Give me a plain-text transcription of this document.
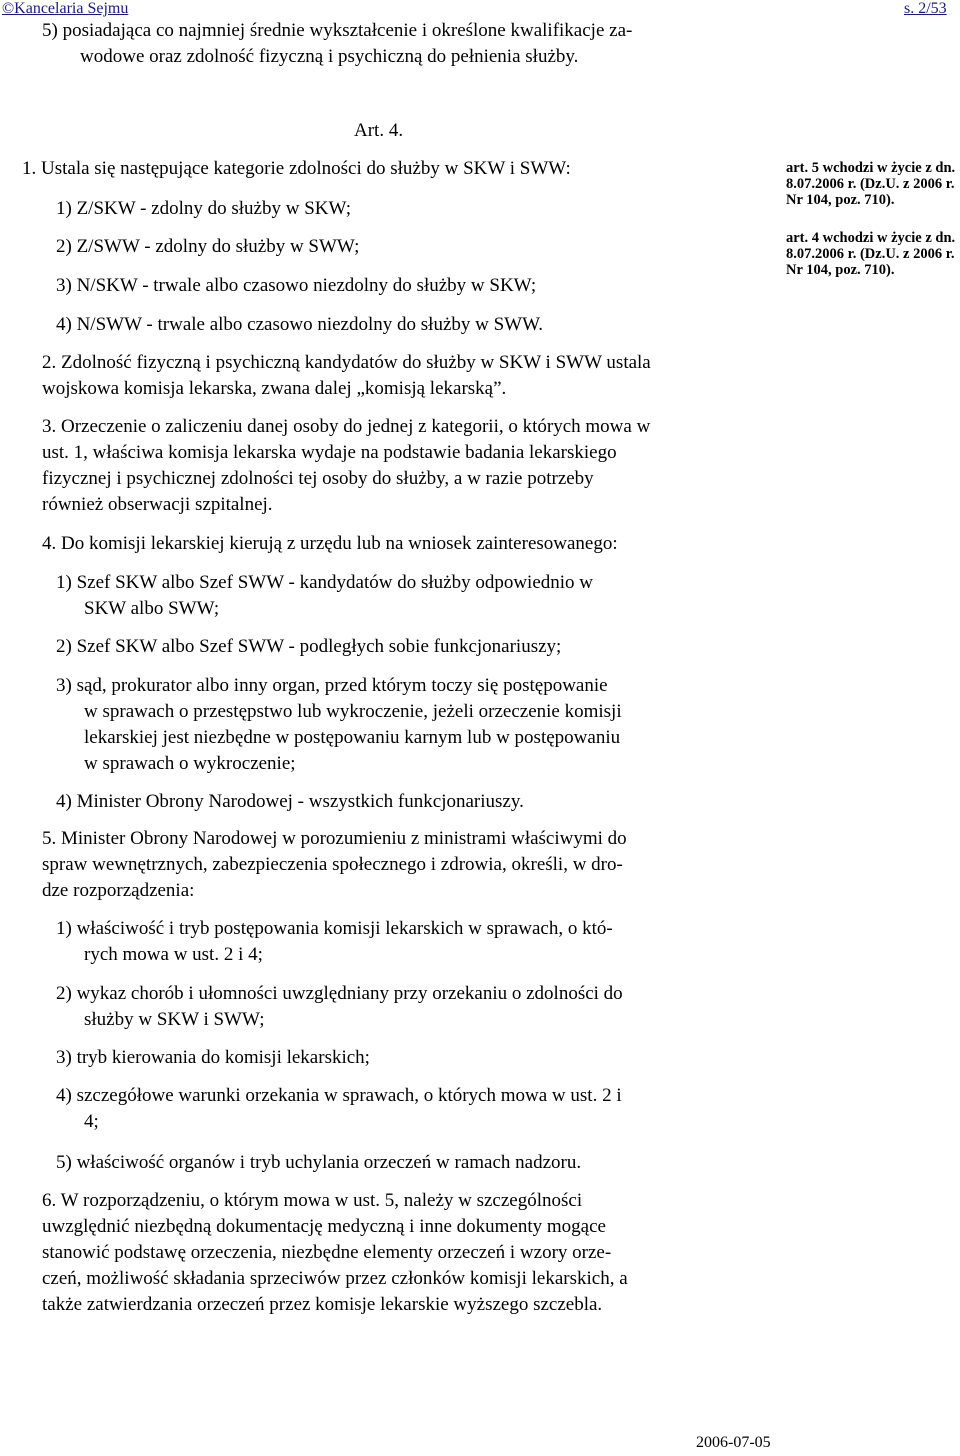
©Kancelaria Sejmu	s. 2/53
5) posiadająca co najmniej średnie wykształcenie i określone kwalifikacje za-
wodowe oraz zdolność fizyczną i psychiczną do pełnienia służby.
Art. 4.
1. Ustala się następujące kategorie zdolności do służby w SKW i SWW:
1) Z/SKW - zdolny do służby w SKW;
2) Z/SWW - zdolny do służby w SWW;
3) N/SKW - trwale albo czasowo niezdolny do służby w SKW;
4) N/SWW - trwale albo czasowo niezdolny do służby w SWW.
2. Zdolność fizyczną i psychiczną kandydatów do służby w SKW i SWW ustala
wojskowa komisja lekarska, zwana dalej „komisją lekarską”.
3. Orzeczenie o zaliczeniu danej osoby do jednej z kategorii, o których mowa w
ust. 1, właściwa komisja lekarska wydaje na podstawie badania lekarskiego
fizycznej i psychicznej zdolności tej osoby do służby, a w razie potrzeby
również obserwacji szpitalnej.
4. Do komisji lekarskiej kierują z urzędu lub na wniosek zainteresowanego:
1) Szef SKW albo Szef SWW - kandydatów do służby odpowiednio w
SKW albo SWW;
2) Szef SKW albo Szef SWW - podległych sobie funkcjonariuszy;
3) sąd, prokurator albo inny organ, przed którym toczy się postępowanie
w sprawach o przestępstwo lub wykroczenie, jeżeli orzeczenie komisji
lekarskiej jest niezbędne w postępowaniu karnym lub w postępowaniu
w sprawach o wykroczenie;
4) Minister Obrony Narodowej - wszystkich funkcjonariuszy.
5. Minister Obrony Narodowej w porozumieniu z ministrami właściwymi do
spraw wewnętrznych, zabezpieczenia społecznego i zdrowia, określi, w dro-
dze rozporządzenia:
1) właściwość i tryb postępowania komisji lekarskich w sprawach, o któ-
rych mowa w ust. 2 i 4;
2) wykaz chorób i ułomności uwzględniany przy orzekaniu o zdolności do
służby w SKW i SWW;
3) tryb kierowania do komisji lekarskich;
4) szczegółowe warunki orzekania w sprawach, o których mowa w ust. 2 i
4;
5) właściwość organów i tryb uchylania orzeczeń w ramach nadzoru.
6. W rozporządzeniu, o którym mowa w ust. 5, należy w szczególności
uwzględnić niezbędną dokumentację medyczną i inne dokumenty mogące
stanowić podstawę orzeczenia, niezbędne elementy orzeczeń i wzory orze-
czeń, możliwość składania sprzeciwów przez członków komisji lekarskich, a
także zatwierdzania orzeczeń przez komisje lekarskie wyższego szczebla.
art. 5 wchodzi w życie z dn. 8.07.2006 r. (Dz.U. z 2006 r. Nr 104, poz. 710).
art. 4 wchodzi w życie z dn. 8.07.2006 r. (Dz.U. z 2006 r. Nr 104, poz. 710).
2006-07-05
